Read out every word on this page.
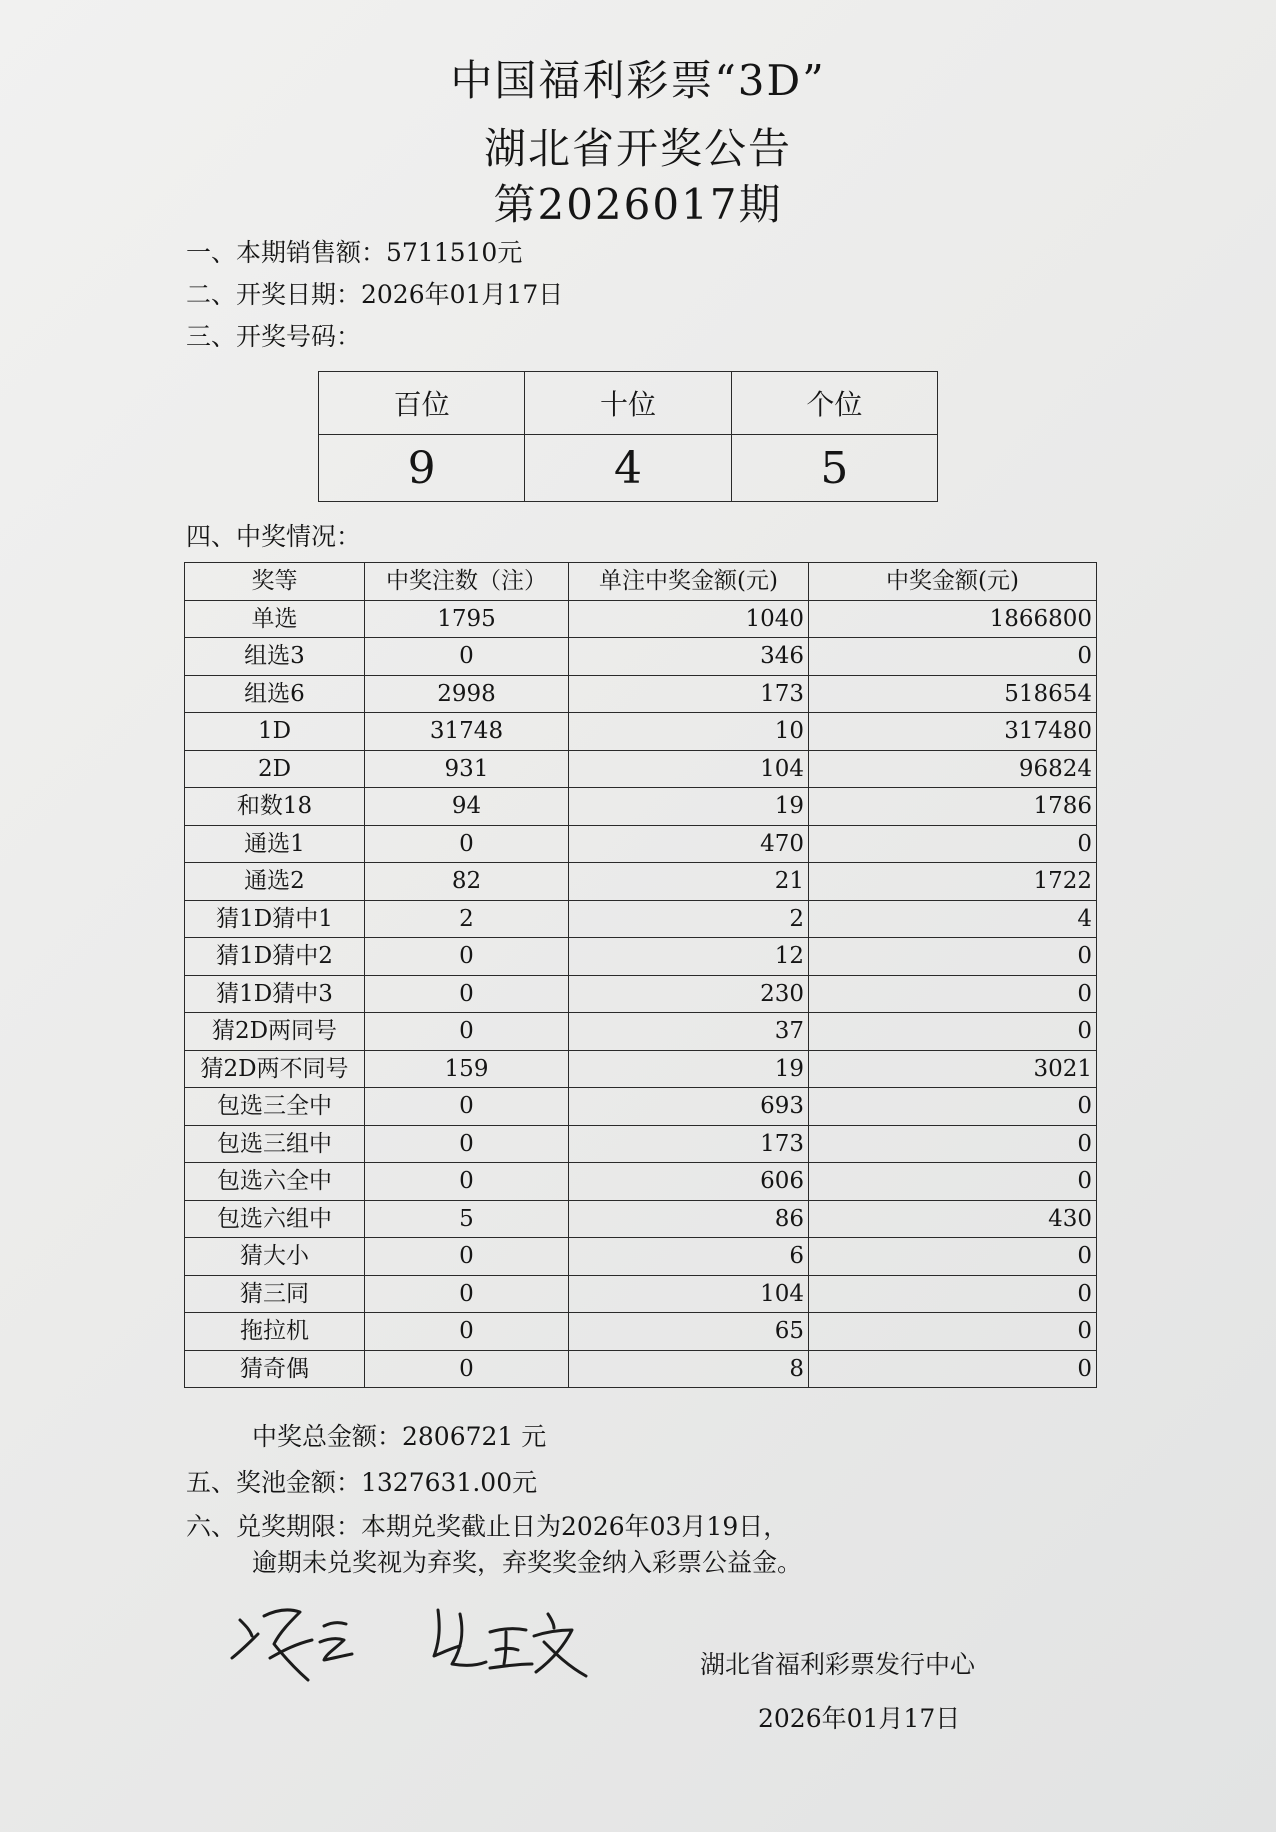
中国福利彩票“3D”
湖北省开奖公告
第2026017期
一、本期销售额：5711510元
二、开奖日期：2026年01月17日
三、开奖号码：
百位	十位	个位
9	4	5
四、中奖情况：
奖等	中奖注数（注）	单注中奖金额(元)	中奖金额(元)
单选	1795	1040	1866800
组选3	0	346	0
组选6	2998	173	518654
1D	31748	10	317480
2D	931	104	96824
和数18	94	19	1786
通选1	0	470	0
通选2	82	21	1722
猜1D猜中1	2	2	4
猜1D猜中2	0	12	0
猜1D猜中3	0	230	0
猜2D两同号	0	37	0
猜2D两不同号	159	19	3021
包选三全中	0	693	0
包选三组中	0	173	0
包选六全中	0	606	0
包选六组中	5	86	430
猜大小	0	6	0
猜三同	0	104	0
拖拉机	0	65	0
猜奇偶	0	8	0
中奖总金额：2806721 元
五、奖池金额：1327631.00元
六、兑奖期限：本期兑奖截止日为2026年03月19日，
逾期未兑奖视为弃奖，弃奖奖金纳入彩票公益金。
湖北省福利彩票发行中心
2026年01月17日
